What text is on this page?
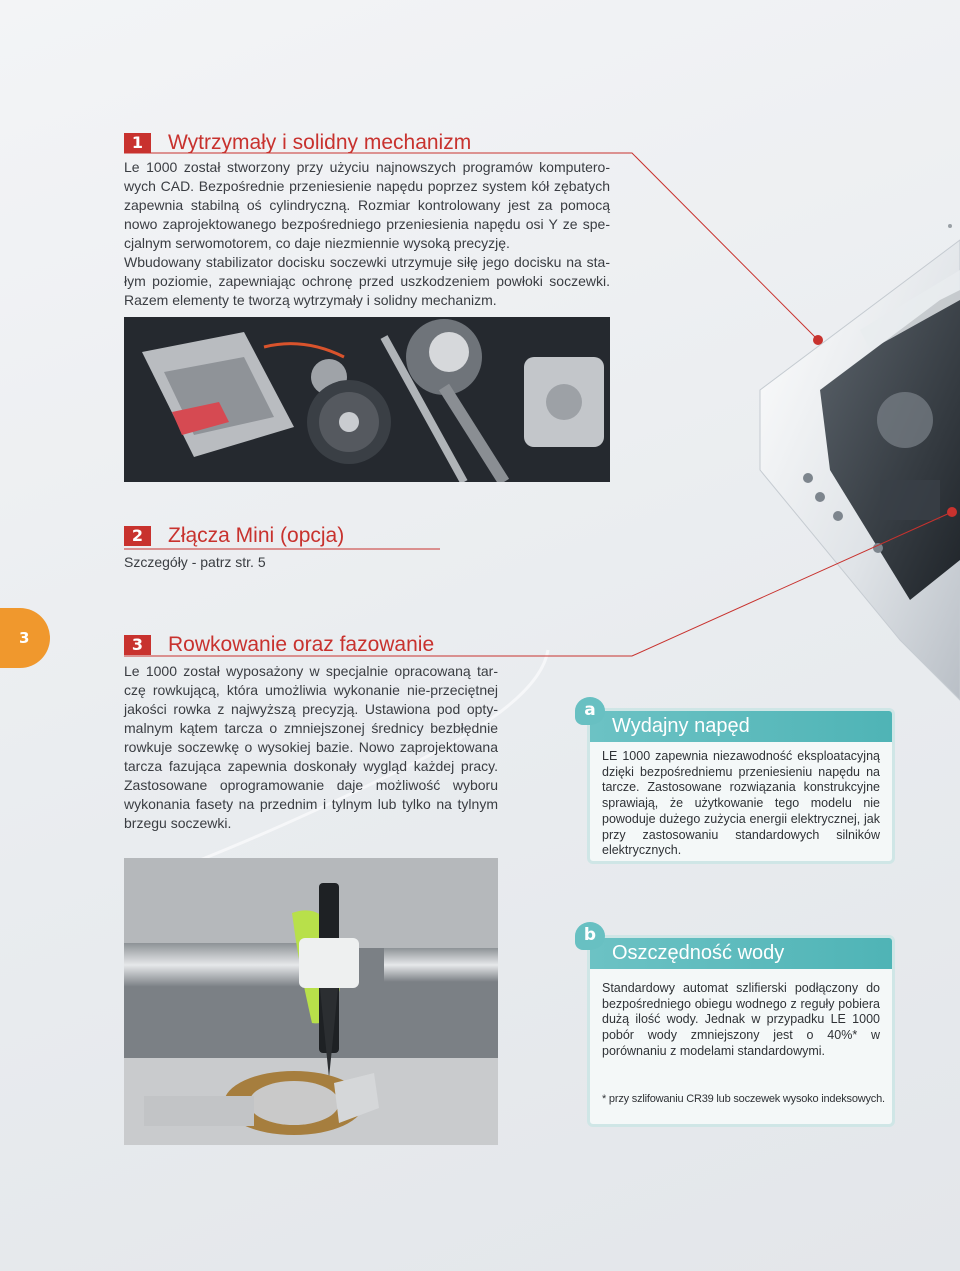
1	Wytrzymały i solidny mechanizm

Le 1000 został stworzony przy użyciu najnowszych programów komputerowych CAD. Bezpośrednie przeniesienie napędu poprzez system kół zębatych zapewnia stabilną oś cylindryczną. Rozmiar kontrolowany jest za pomocą nowo zaprojektowanego bezpośredniego przeniesienia napędu osi Y ze specjalnym serwomotorem, co daje niezmiennie wysoką precyzję.

Wbudowany stabilizator docisku soczewki utrzymuje siłę jego docisku na stałym poziomie, zapewniając ochronę przed uszkodzeniem powłoki soczewki. Razem elementy te tworzą wytrzymały i solidny mechanizm.

2	Złącza Mini (opcja)
Szczegóły - patrz str. 5
3	3	Rowkowanie oraz fazowanie

Le 1000 został wyposażony w specjalnie opracowaną tarczę rowkującą, która umożliwia wykonanie nie-przeciętnej jakości rowka z najwyższą precyzją. Ustawiona pod optymalnym kątem tarcza o zmniejszonej średnicy bezbłędnie rowkuje soczewkę o wysokiej bazie. Nowo zaprojektowana tarcza fazująca zapewnia doskonały wygląd każdej pracy. Zastosowane oprogramowanie daje możliwość wyboru wykonania fasety na przednim i tylnym lub tylko na tylnym brzegu soczewki.

Wydajny napęd
LE 1000 zapewnia niezawodność eksploatacyjną dzięki bezpośredniemu przeniesieniu napędu na tarcze. Zastosowane rozwiązania konstrukcyjne sprawiają, że użytkowanie tego modelu nie powoduje dużego zużycia energii elektrycznej, jak przy zastosowaniu standardowych silników elektrycznych.
a
Oszczędność wody
Standardowy automat szlifierski podłączony do bezpośredniego obiegu wodnego z reguły pobiera dużą ilość wody. Jednak w przypadku LE 1000 pobór wody zmniejszony jest o 40%* w porównaniu z modelami standardowymi.
* przy szlifowaniu CR39 lub soczewek wysoko indeksowych.
b
